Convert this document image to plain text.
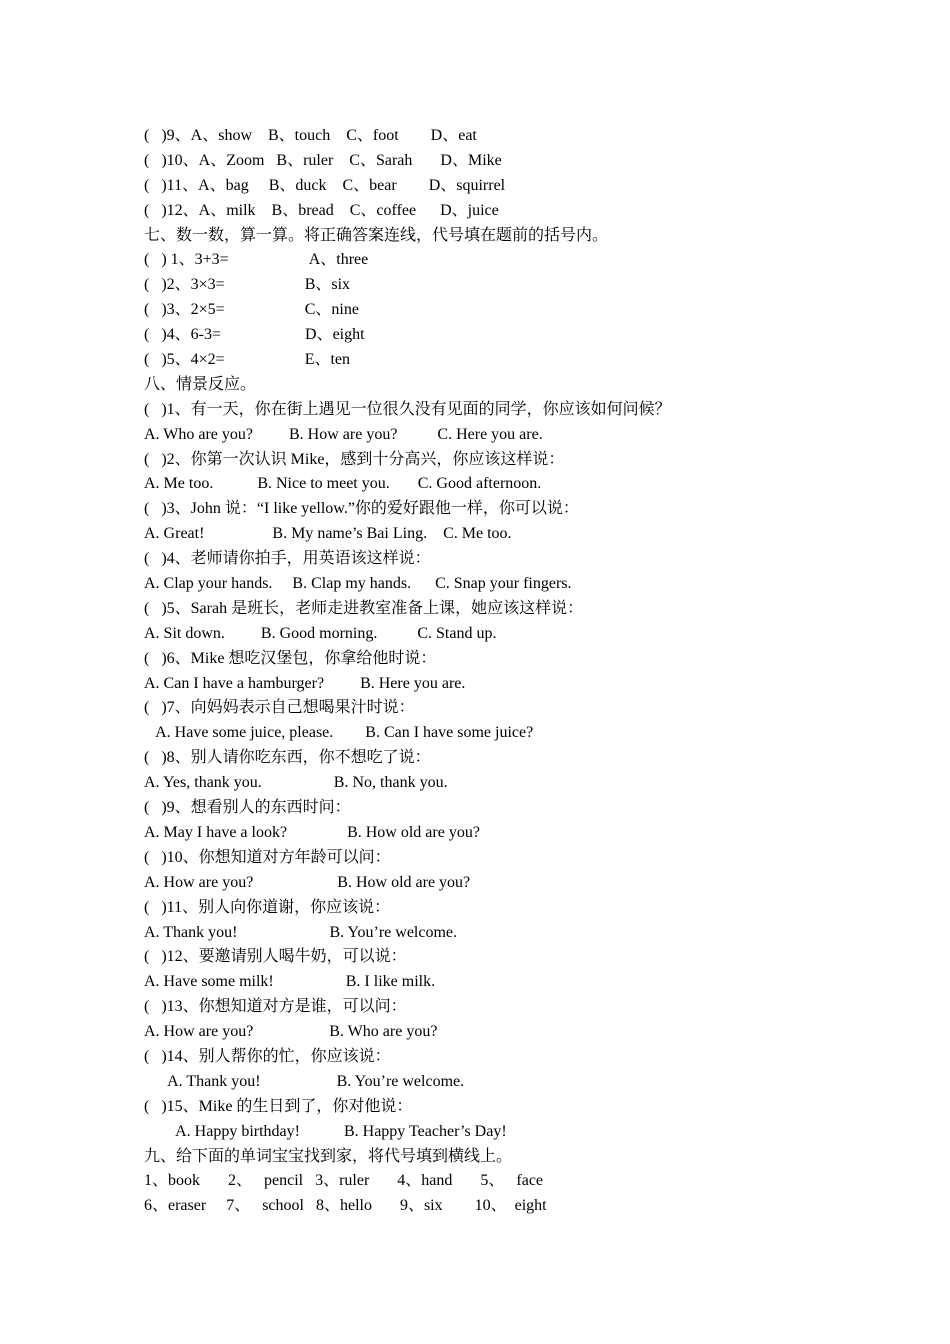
(   )9、A、show    B、touch    C、foot        D、eat
(   )10、A、Zoom   B、ruler    C、Sarah       D、Mike
(   )11、A、bag     B、duck    C、bear        D、squirrel
(   )12、A、milk    B、bread    C、coffee      D、juice
七、数一数，算一算。将正确答案连线，代号填在题前的括号内。
(   ) 1、3+3=                    A、three
(   )2、3×3=                    B、six
(   )3、2×5=                    C、nine
(   )4、6-3=                     D、eight
(   )5、4×2=                    E、ten
八、情景反应。
(   )1、有一天，你在街上遇见一位很久没有见面的同学，你应该如何问候？
A. Who are you?         B. How are you?          C. Here you are.
(   )2、你第一次认识 Mike，感到十分高兴，你应该这样说：
A. Me too.           B. Nice to meet you.       C. Good afternoon.
(   )3、John 说：“I like yellow.”你的爱好跟他一样，你可以说：
A. Great!                 B. My name’s Bai Ling.    C. Me too.
(   )4、老师请你拍手，用英语该这样说：
A. Clap your hands.     B. Clap my hands.      C. Snap your fingers.
(   )5、Sarah 是班长，老师走进教室准备上课，她应该这样说：
A. Sit down.         B. Good morning.          C. Stand up.
(   )6、Mike 想吃汉堡包，你拿给他时说：
A. Can I have a hamburger?         B. Here you are.
(   )7、向妈妈表示自己想喝果汁时说：
A. Have some juice, please.        B. Can I have some juice?
(   )8、别人请你吃东西，你不想吃了说：
A. Yes, thank you.                  B. No, thank you.
(   )9、想看别人的东西时问：
A. May I have a look?               B. How old are you?
(   )10、你想知道对方年龄可以问：
A. How are you?                     B. How old are you?
(   )11、别人向你道谢，你应该说：
A. Thank you!                       B. You’re welcome.
(   )12、要邀请别人喝牛奶，可以说：
A. Have some milk!                  B. I like milk.
(   )13、你想知道对方是谁，可以问：
A. How are you?                   B. Who are you?
(   )14、别人帮你的忙，你应该说：
A. Thank you!                   B. You’re welcome.
(   )15、Mike 的生日到了，你对他说：
A. Happy birthday!           B. Happy Teacher’s Day!
九、给下面的单词宝宝找到家，将代号填到横线上。
1、book       2、   pencil   3、ruler       4、hand       5、   face
6、eraser     7、   school   8、hello       9、six        10、  eight
